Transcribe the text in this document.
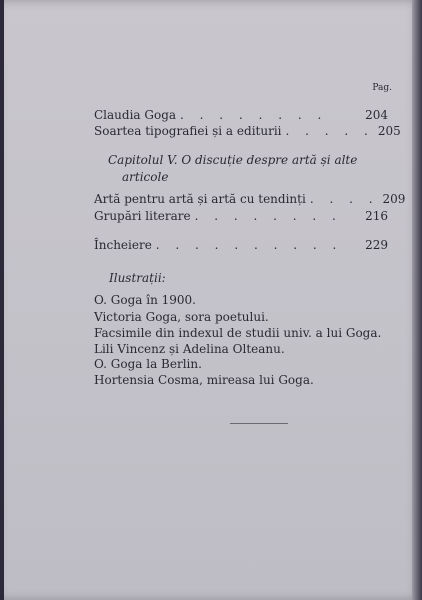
Pag.
Claudia Goga . . . . . . . .	204
Soartea tipografiei și a editurii . . . . . 205
Capitolul V. O discuție despre artă și alte
articole
Artă pentru artă și artă cu tendinți . . . . 209
Grupări literare . . . . . . . .	216
Încheiere . . . . . . . . . .	229
Ilustrații:
O. Goga în 1900.
Victoria Goga, sora poetului.
Facsimile din indexul de studii univ. a lui Goga.
Lili Vincenz și Adelina Olteanu.
O. Goga la Berlin.
Hortensia Cosma, mireasa lui Goga.
